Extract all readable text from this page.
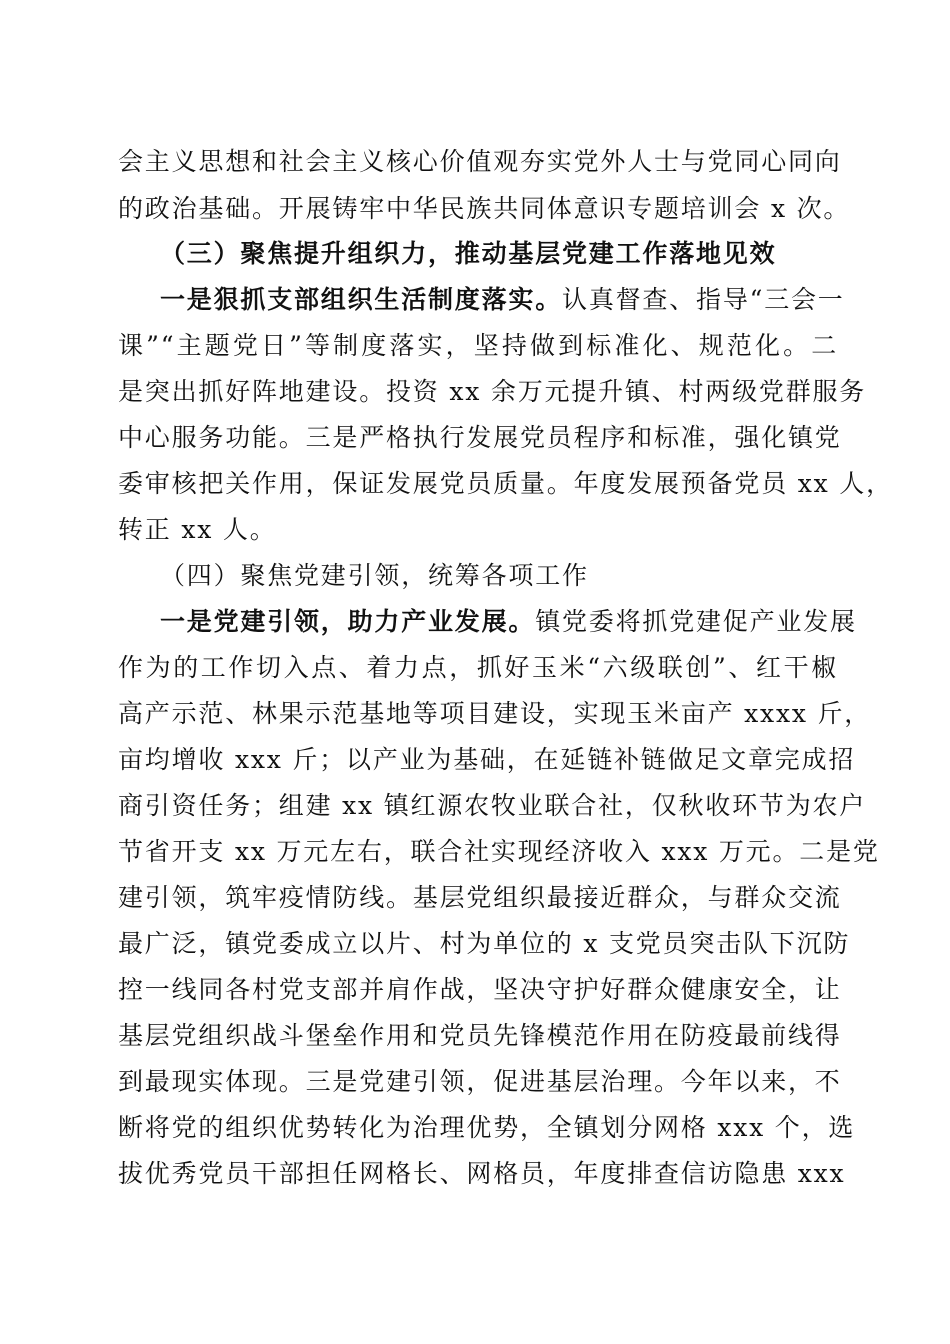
会主义思想和社会主义核心价值观夯实党外人士与党同心同向
的政治基础。开展铸牢中华民族共同体意识专题培训会 x 次。
（三）聚焦提升组织力，推动基层党建工作落地见效
一是狠抓支部组织生活制度落实。认真督查、指导“三会一
课”“主题党日”等制度落实，坚持做到标准化、规范化。二
是突出抓好阵地建设。投资 xx 余万元提升镇、村两级党群服务
中心服务功能。三是严格执行发展党员程序和标准，强化镇党
委审核把关作用，保证发展党员质量。年度发展预备党员 xx 人，
转正 xx 人。
（四）聚焦党建引领，统筹各项工作
一是党建引领，助力产业发展。镇党委将抓党建促产业发展
作为的工作切入点、着力点，抓好玉米“六级联创”、红干椒
高产示范、林果示范基地等项目建设，实现玉米亩产 xxxx 斤，
亩均增收 xxx 斤；以产业为基础，在延链补链做足文章完成招
商引资任务；组建 xx 镇红源农牧业联合社，仅秋收环节为农户
节省开支 xx 万元左右，联合社实现经济收入 xxx 万元。二是党
建引领，筑牢疫情防线。基层党组织最接近群众，与群众交流
最广泛，镇党委成立以片、村为单位的 x 支党员突击队下沉防
控一线同各村党支部并肩作战，坚决守护好群众健康安全，让
基层党组织战斗堡垒作用和党员先锋模范作用在防疫最前线得
到最现实体现。三是党建引领，促进基层治理。今年以来，不
断将党的组织优势转化为治理优势，全镇划分网格 xxx 个，选
拔优秀党员干部担任网格长、网格员，年度排查信访隐患 xxx
